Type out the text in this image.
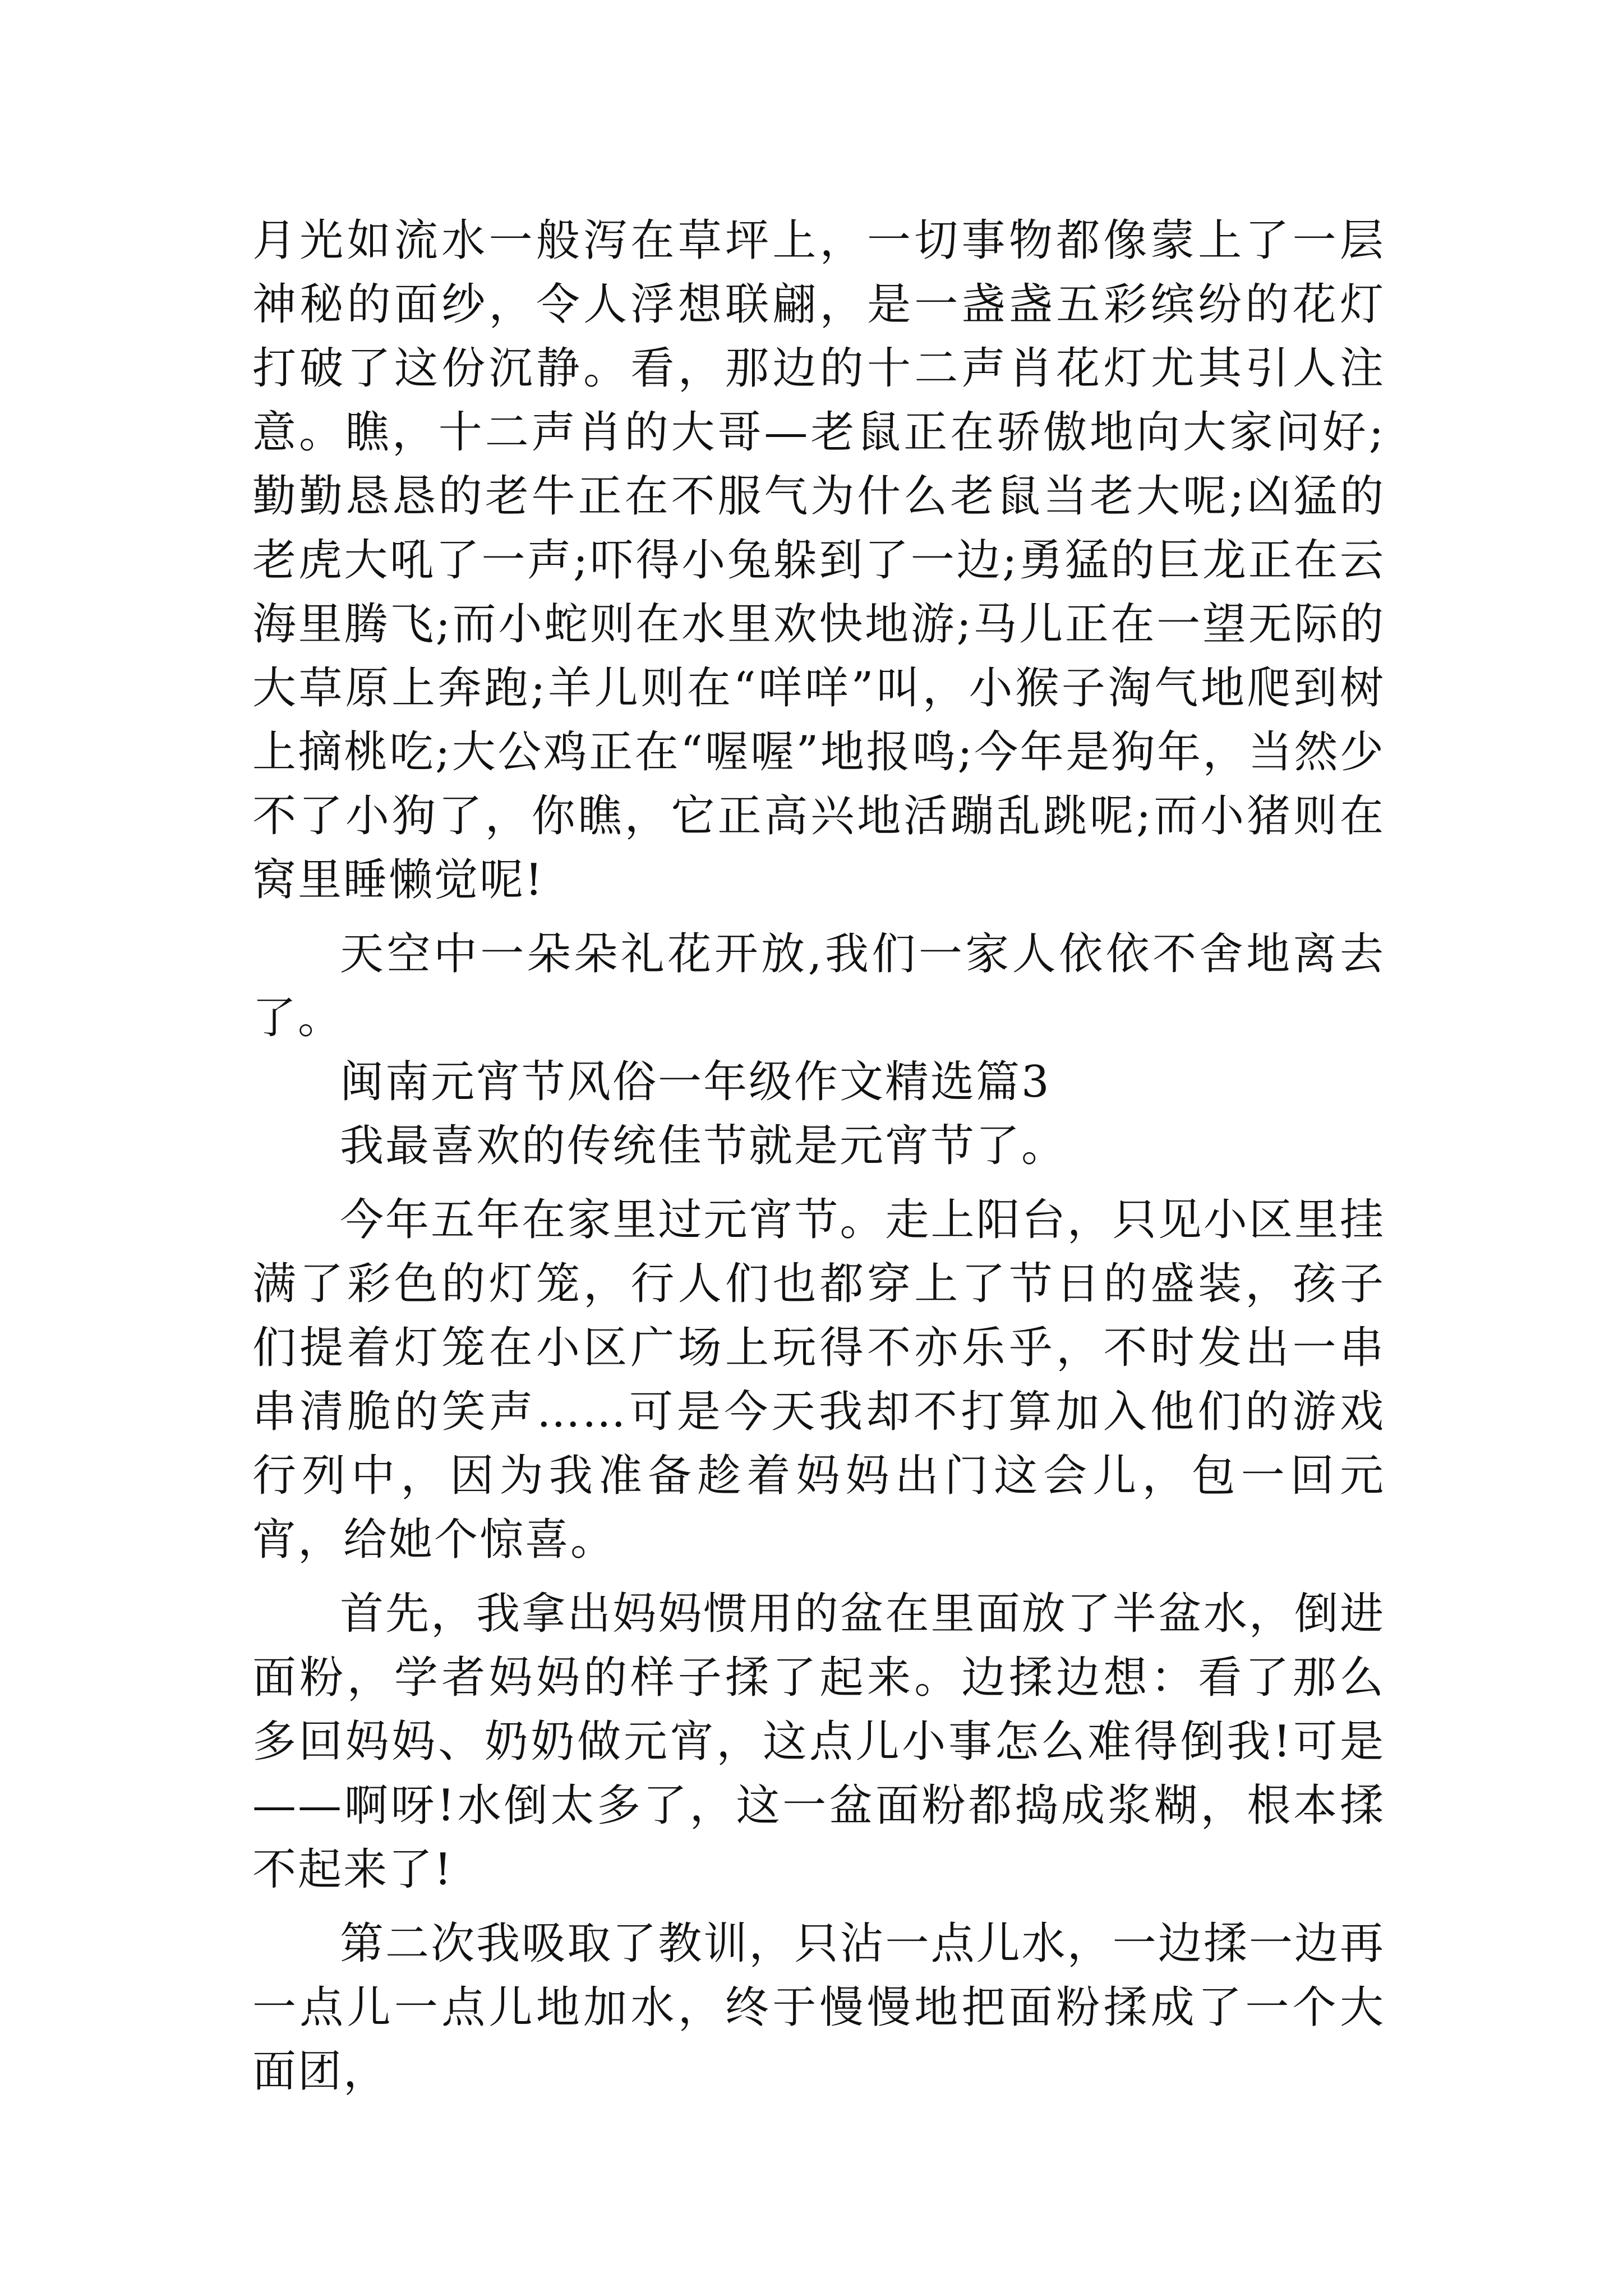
月光如流水一般泻在草坪上，一切事物都像蒙上了一层神秘的面纱，令人浮想联翩，是一盏盏五彩缤纷的花灯打破了这份沉静。看，那边的十二声肖花灯尤其引人注意。瞧，十二声肖的大哥—老鼠正在骄傲地向大家问好;勤勤恳恳的老牛正在不服气为什么老鼠当老大呢;凶猛的老虎大吼了一声;吓得小兔躲到了一边;勇猛的巨龙正在云海里腾飞;而小蛇则在水里欢快地游;马儿正在一望无际的大草原上奔跑;羊儿则在“咩咩”叫，小猴子淘气地爬到树上摘桃吃;大公鸡正在“喔喔”地报鸣;今年是狗年，当然少不了小狗了，你瞧，它正高兴地活蹦乱跳呢;而小猪则在窝里睡懒觉呢!

天空中一朵朵礼花开放,我们一家人依依不舍地离去了。

闽南元宵节风俗一年级作文精选篇3

我最喜欢的传统佳节就是元宵节了。

今年五年在家里过元宵节。走上阳台，只见小区里挂满了彩色的灯笼，行人们也都穿上了节日的盛装，孩子们提着灯笼在小区广场上玩得不亦乐乎，不时发出一串串清脆的笑声……可是今天我却不打算加入他们的游戏行列中，因为我准备趁着妈妈出门这会儿，包一回元宵，给她个惊喜。

首先，我拿出妈妈惯用的盆在里面放了半盆水，倒进面粉，学者妈妈的样子揉了起来。边揉边想：看了那么多回妈妈、奶奶做元宵，这点儿小事怎么难得倒我!可是——啊呀!水倒太多了，这一盆面粉都捣成浆糊，根本揉不起来了!

第二次我吸取了教训，只沾一点儿水，一边揉一边再一点儿一点儿地加水，终于慢慢地把面粉揉成了一个大面团，
